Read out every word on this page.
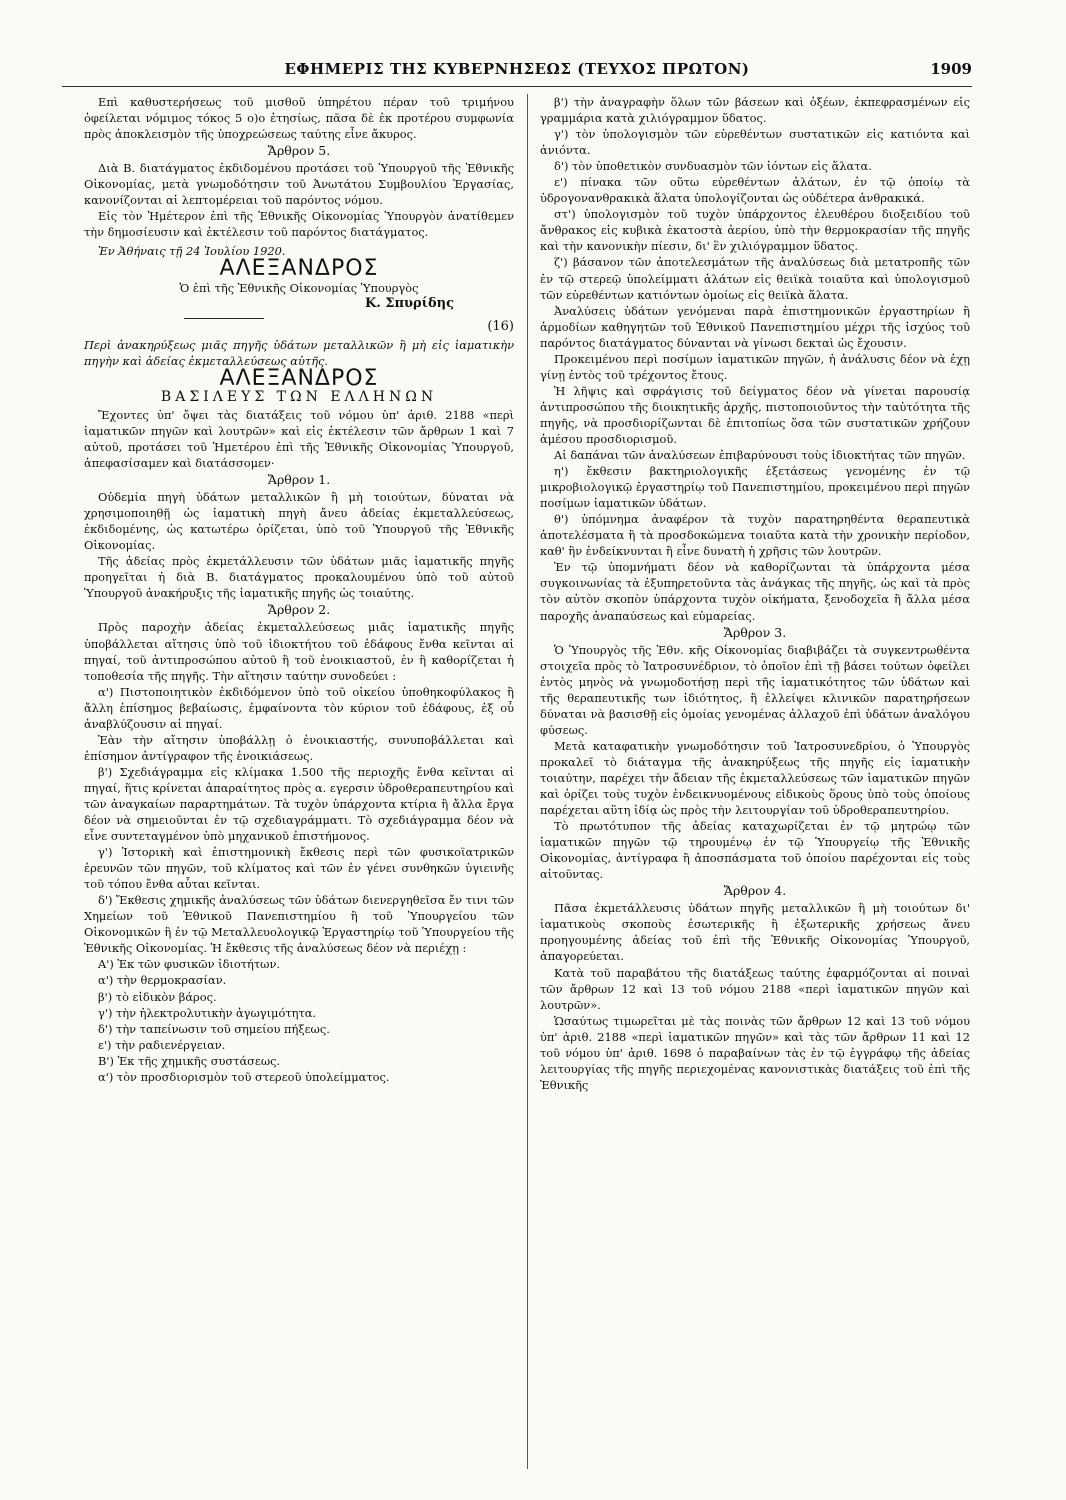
ΕΦΗΜΕΡΙΣ ΤΗΣ ΚΥΒΕΡΝΗΣΕΩΣ (ΤΕΥΧΟΣ ΠΡΩΤΟΝ)	1909

Επὶ καθυστερήσεως τοῦ μισθοῦ ὑπηρέτου πέραν τοῦ τριμήνου ὀφείλεται νόμιμος τόκος 5 ο)ο ἐτησίως, πᾶσα δὲ ἐκ προτέρου συμφωνία πρὸς ἀποκλεισμὸν τῆς ὑποχρεώσεως ταύτης εἶνε ἄκυρος.

Ἄρθρον 5.

Διὰ Β. διατάγματος ἐκδιδομένου προτάσει τοῦ Ὑπουργοῦ τῆς Ἐθνικῆς Οἰκονομίας, μετὰ γνωμοδότησιν τοῦ Ἀνωτάτου Συμβουλίου Ἐργασίας, κανονίζονται αἱ λεπτομέρειαι τοῦ παρόντος νόμου.

Εἰς τὸν Ἡμέτερον ἐπὶ τῆς Ἐθνικῆς Οἰκονομίας Ὑπουργὸν ἀνατίθεμεν τὴν δημοσίευσιν καὶ ἐκτέλεσιν τοῦ παρόντος διατάγματος.

Ἐν Ἀθήναις τῇ 24 Ἰουλίου 1920.

ΑΛΕΞΑΝΔΡΟΣ

Ὁ ἐπὶ τῆς Ἐθνικῆς Οἰκονομίας Ὑπουργὸς

Κ. Σπυρίδης
(16)

Περὶ ἀνακηρύξεως μιᾶς πηγῆς ὑδάτων μεταλλικῶν ἢ μὴ εἰς ἰαματικὴν πηγὴν καὶ ἀδείας ἐκμεταλλεύσεως αὐτῆς.

ΑΛΕΞΑΝΔΡΟΣ
ΒΑΣΙΛΕΥΣ ΤΩΝ ΕΛΛΗΝΩΝ

Ἔχοντες ὑπ' ὄψει τὰς διατάξεις τοῦ νόμου ὑπ' ἀριθ. 2188 «περὶ ἰαματικῶν πηγῶν καὶ λουτρῶν» καὶ εἰς ἐκτέλεσιν τῶν ἄρθρων 1 καὶ 7 αὐτοῦ, προτάσει τοῦ Ἡμετέρου ἐπὶ τῆς Ἐθνικῆς Οἰκονομίας Ὑπουργοῦ, ἀπεφασίσαμεν καὶ διατάσσομεν·

Ἄρθρον 1.

Οὐδεμία πηγὴ ὑδάτων μεταλλικῶν ἢ μὴ τοιούτων, δύναται νὰ χρησιμοποιηθῇ ὡς ἰαματικὴ πηγὴ ἄνευ ἀδείας ἐκμεταλλεύσεως, ἐκδιδομένης, ὡς κατωτέρω ὁρίζεται, ὑπὸ τοῦ Ὑπουργοῦ τῆς Ἐθνικῆς Οἰκονομίας.

Τῆς ἀδείας πρὸς ἐκμετάλλευσιν τῶν ὑδάτων μιᾶς ἰαματικῆς πηγῆς προηγεῖται ἡ διὰ Β. διατάγματος προκαλουμένου ὑπὸ τοῦ αὐτοῦ Ὑπουργοῦ ἀνακήρυξις τῆς ἰαματικῆς πηγῆς ὡς τοιαύτης.

Ἄρθρον 2.

Πρὸς παροχὴν ἀδείας ἐκμεταλλεύσεως μιᾶς ἰαματικῆς πηγῆς ὑποβάλλεται αἴτησις ὑπὸ τοῦ ἰδιοκτήτου τοῦ ἐδάφους ἔνθα κεῖνται αἱ πηγαί, τοῦ ἀντιπροσώπου αὐτοῦ ἢ τοῦ ἐνοικιαστοῦ, ἐν ἣ καθορίζεται ἡ τοποθεσία τῆς πηγῆς. Τὴν αἴτησιν ταύτην συνοδεύει :

α') Πιστοποιητικὸν ἐκδιδόμενον ὑπὸ τοῦ οἰκείου ὑποθηκοφύλακος ἢ ἄλλη ἐπίσημος βεβαίωσις, ἐμφαίνοντα τὸν κύριον τοῦ ἐδάφους, ἐξ οὗ ἀναβλύζουσιν αἱ πηγαί.

Ἐὰν τὴν αἴτησιν ὑποβάλλῃ ὁ ἐνοικιαστής, συνυποβάλλεται καὶ ἐπίσημον ἀντίγραφον τῆς ἐνοικιάσεως.

β') Σχεδιάγραμμα εἰς κλίμακα 1.500 τῆς περιοχῆς ἔνθα κεῖνται αἱ πηγαί, ἥτις κρίνεται ἀπαραίτητος πρὸς α. εγερσιν ὑδροθεραπευτηρίου καὶ τῶν ἀναγκαίων παραρτημάτων. Τὰ τυχὸν ὑπάρχοντα κτίρια ἢ ἄλλα ἔργα δέον νὰ σημειοῦνται ἐν τῷ σχεδιαγράμματι. Τὸ σχεδιάγραμμα δέον νὰ εἶνε συντεταγμένον ὑπὸ μηχανικοῦ ἐπιστήμονος.

γ') Ἱστορικὴ καὶ ἐπιστημονικὴ ἔκθεσις περὶ τῶν φυσικοϊατρικῶν ἐρευνῶν τῶν πηγῶν, τοῦ κλίματος καὶ τῶν ἐν γένει συνθηκῶν ὑγιεινῆς τοῦ τόπου ἔνθα αὗται κεῖνται.

δ') Ἔκθεσις χημικῆς ἀναλύσεως τῶν ὑδάτων διενεργηθεῖσα ἔν τινι τῶν Χημείων τοῦ Ἐθνικοῦ Πανεπιστημίου ἢ τοῦ Ὑπουργείου τῶν Οἰκονομικῶν ἢ ἐν τῷ Μεταλλευολογικῷ Ἐργαστηρίῳ τοῦ Ὑπουργείου τῆς Ἐθνικῆς Οἰκονομίας. Ἡ ἔκθεσις τῆς ἀναλύσεως δέον νὰ περιέχῃ :

Α') Ἐκ τῶν φυσικῶν ἰδιοτήτων.

α') τὴν θερμοκρασίαν.

β') τὸ εἰδικὸν βάρος.

γ') τὴν ἠλεκτρολυτικὴν ἀγωγιμότητα.

δ') τὴν ταπείνωσιν τοῦ σημείου πήξεως.

ε') τὴν ραδιενέργειαν.

Β') Ἐκ τῆς χημικῆς συστάσεως.

α') τὸν προσδιορισμὸν τοῦ στερεοῦ ὑπολείμματος.

β') τὴν ἀναγραφὴν ὅλων τῶν βάσεων καὶ ὀξέων, ἐκπεφρασμένων εἰς γραμμάρια κατὰ χιλιόγραμμον ὕδατος.

γ') τὸν ὑπολογισμὸν τῶν εὑρεθέντων συστατικῶν εἰς κατιόντα καὶ ἀνιόντα.

δ') τὸν ὑποθετικὸν συνδυασμὸν τῶν ἰόντων εἰς ἅλατα.

ε') πίνακα τῶν οὕτω εὑρεθέντων ἁλάτων, ἐν τῷ ὁποίῳ τὰ ὑδρογονανθρακικὰ ἅλατα ὑπολογίζονται ὡς οὐδέτερα ἀνθρακικά.

στ') ὑπολογισμὸν τοῦ τυχὸν ὑπάρχοντος ἐλευθέρου διοξειδίου τοῦ ἄνθρακος εἰς κυβικὰ ἑκατοστὰ ἀερίου, ὑπὸ τὴν θερμοκρασίαν τῆς πηγῆς καὶ τὴν κανονικὴν πίεσιν, δι' ἓν χιλιόγραμμον ὕδατος.

ζ') βάσανον τῶν ἀποτελεσμάτων τῆς ἀναλύσεως διὰ μετατροπῆς τῶν ἐν τῷ στερεῷ ὑπολείμματι ἁλάτων εἰς θειϊκὰ τοιαῦτα καὶ ὑπολογισμοῦ τῶν εὑρεθέντων κατιόντων ὁμοίως εἰς θειϊκὰ ἅλατα.

Ἀναλύσεις ὑδάτων γενόμεναι παρὰ ἐπιστημονικῶν ἐργαστηρίων ἢ ἁρμοδίων καθηγητῶν τοῦ Ἐθνικοῦ Πανεπιστημίου μέχρι τῆς ἰσχύος τοῦ παρόντος διατάγματος δύνανται νὰ γίνωσι δεκταὶ ὡς ἔχουσιν.

Προκειμένου περὶ ποσίμων ἰαματικῶν πηγῶν, ἡ ἀνάλυσις δέον νὰ ἐχῃ γίνῃ ἐντὸς τοῦ τρέχοντος ἔτους.

Ἡ λῆψις καὶ σφράγισις τοῦ δείγματος δέον νὰ γίνεται παρουσίᾳ ἀντιπροσώπου τῆς διοικητικῆς ἀρχῆς, πιστοποιοῦντος τὴν ταὐτότητα τῆς πηγῆς, νὰ προσδιορίζωνται δὲ ἐπιτοπίως ὅσα τῶν συστατικῶν χρήζουν ἀμέσου προσδιορισμοῦ.

Αἱ δαπάναι τῶν ἀναλύσεων ἐπιβαρύνουσι τοὺς ἰδιοκτήτας τῶν πηγῶν.

η') ἔκθεσιν βακτηριολογικῆς ἐξετάσεως γενομένης ἐν τῷ μικροβιολογικῷ ἐργαστηρίῳ τοῦ Πανεπιστημίου, προκειμένου περὶ πηγῶν ποσίμων ἰαματικῶν ὑδάτων.

θ') ὑπόμνημα ἀναφέρον τὰ τυχὸν παρατηρηθέντα θεραπευτικὰ ἀποτελέσματα ἢ τὰ προσδοκώμενα τοιαῦτα κατὰ τὴν χρονικὴν περίοδον, καθ' ἣν ἐνδείκνυνται ἢ εἶνε δυνατὴ ἡ χρῆσις τῶν λουτρῶν.

Ἐν τῷ ὑπομνήματι δέον νὰ καθορίζωνται τὰ ὑπάρχοντα μέσα συγκοινωνίας τὰ ἐξυπηρετοῦντα τὰς ἀνάγκας τῆς πηγῆς, ὡς καὶ τὰ πρὸς τὸν αὐτὸν σκοπὸν ὑπάρχοντα τυχὸν οἰκήματα, ξενοδοχεῖα ἢ ἄλλα μέσα παροχῆς ἀναπαύσεως καὶ εὐμαρείας.

Ἄρθρον 3.

Ὁ Ὑπουργὸς τῆς Ἐθν. κῆς Οἰκονομίας διαβιβάζει τὰ συγκεντρωθέντα στοιχεῖα πρὸς τὸ Ἰατροσυνέδριον, τὸ ὁποῖον ἐπὶ τῇ βάσει τούτων ὀφείλει ἐντὸς μηνὸς νὰ γνωμοδοτήσῃ περὶ τῆς ἰαματικότητος τῶν ὑδάτων καὶ τῆς θεραπευτικῆς των ἰδιότητος, ἢ ἐλλείψει κλινικῶν παρατηρήσεων δύναται νὰ βασισθῇ εἰς ὁμοίας γενομένας ἀλλαχοῦ ἐπὶ ὑδάτων ἀναλόγου φύσεως.

Μετὰ καταφατικὴν γνωμοδότησιν τοῦ Ἰατροσυνεδρίου, ὁ Ὑπουργὸς προκαλεῖ τὸ διάταγμα τῆς ἀνακηρύξεως τῆς πηγῆς εἰς ἰαματικὴν τοιαύτην, παρέχει τὴν ἄδειαν τῆς ἐκμεταλλεύσεως τῶν ἰαματικῶν πηγῶν καὶ ὁρίζει τοὺς τυχὸν ἐνδεικνυομένους εἰδικοὺς ὅρους ὑπὸ τοὺς ὁποίους παρέχεται αὕτη ἰδίᾳ ὡς πρὸς τὴν λειτουργίαν τοῦ ὑδροθεραπευτηρίου.

Τὸ πρωτότυπον τῆς ἀδείας καταχωρίζεται ἐν τῷ μητρώῳ τῶν ἰαματικῶν πηγῶν τῷ τηρουμένῳ ἐν τῷ Ὑπουργείῳ τῆς Ἐθνικῆς Οἰκονομίας, ἀντίγραφα ἢ ἀποσπάσματα τοῦ ὁποίου παρέχονται εἰς τοὺς αἰτοῦντας.

Ἄρθρον 4.

Πᾶσα ἐκμετάλλευσις ὑδάτων πηγῆς μεταλλικῶν ἢ μὴ τοιούτων δι' ἰαματικοὺς σκοποὺς ἐσωτερικῆς ἢ ἐξωτερικῆς χρήσεως ἄνευ προηγουμένης ἀδείας τοῦ ἐπὶ τῆς Ἐθνικῆς Οἰκονομίας Ὑπουργοῦ, ἀπαγορεύεται.

Κατὰ τοῦ παραβάτου τῆς διατάξεως ταύτης ἐφαρμόζονται αἱ ποιναὶ τῶν ἄρθρων 12 καὶ 13 τοῦ νόμου 2188 «περὶ ἰαματικῶν πηγῶν καὶ λουτρῶν».

Ὡσαύτως τιμωρεῖται μὲ τὰς ποινὰς τῶν ἄρθρων 12 καὶ 13 τοῦ νόμου ὑπ' ἀριθ. 2188 «περὶ ἰαματικῶν πηγῶν» καὶ τὰς τῶν ἄρθρων 11 καὶ 12 τοῦ νόμου ὑπ' ἀριθ. 1698 ὁ παραβαίνων τὰς ἐν τῷ ἐγγράφῳ τῆς ἀδείας λειτουργίας τῆς πηγῆς περιεχομένας κανονιστικὰς διατάξεις τοῦ ἐπὶ τῆς Ἐθνικῆς
